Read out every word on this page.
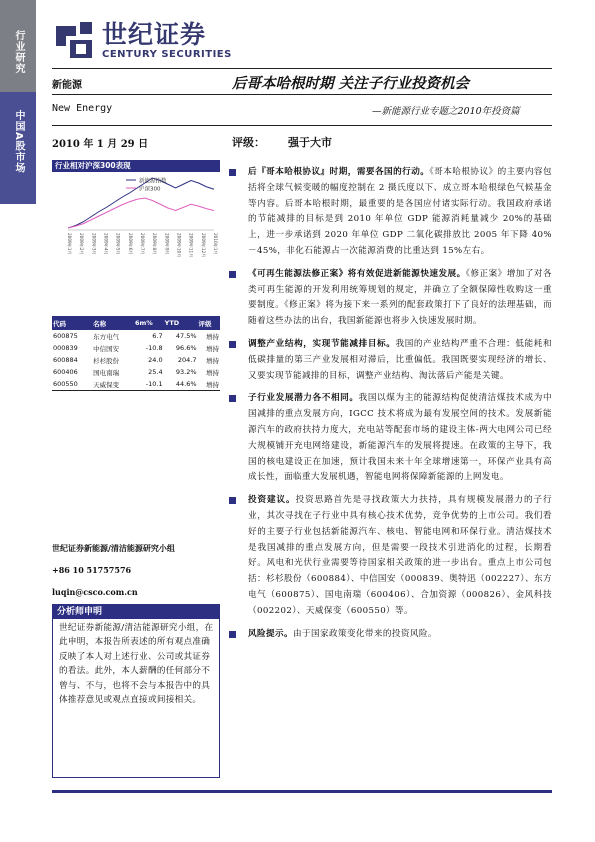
行业研究
中国A股市场
世纪证券
CENTURY SECURITIES
新能源	后哥本哈根时期 关注子行业投资机会
New Energy	—新能源行业专题之2010年投资篇
2010 年 1 月 29 日	评级： 强于大市
行业相对沪深300表现
新能源指数
沪深300
2009年1月 2009年2月 2009年3月 2009年4月 2009年5月 2009年6月 2009年7月 2009年8月 2009年9月 2009年10月 2009年11月 2009年12月 2010年1月
代码	名称	6m%	YTD	评级
600875	东方电气	6.7	47.5%	增持
000839	中信国安	-10.8	96.6%	增持
600884	杉杉股份	24.0	204.7	增持
600406	国电南瑞	25.4	93.2%	增持
600550	天威保变	-10.1	44.6%	增持
世纪证券新能源/清洁能源研究小组
+86 10 51757576
luqin@csco.com.cn
分析师申明
世纪证券新能源/清洁能源研究小组，在此申明，本报告所表述的所有观点准确反映了本人对上述行业、公司或其证券的看法。此外，本人薪酬的任何部分不曾与、不与，也将不会与本报告中的具体推荐意见或观点直接或间接相关。
后『哥本哈根协议』时期，需要各国的行动。《哥本哈根协议》的主要内容包括将全球气候变暖的幅度控制在 2 摄氏度以下、成立哥本哈根绿色气候基金等内容。后哥本哈根时期，最重要的是各国应付诸实际行动。我国政府承诺的节能减排的目标是到 2010 年单位 GDP 能源消耗量减少 20%的基础上，进一步承诺到 2020 年单位 GDP 二氧化碳排放比 2005 年下降 40%－45%，非化石能源占一次能源消费的比重达到 15%左右。
《可再生能源法修正案》将有效促进新能源快速发展。《修正案》增加了对各类可再生能源的开发利用统筹规划的规定，并确立了全额保障性收购这一重要制度。《修正案》将为接下来一系列的配套政策打下了良好的法理基础，而随着这些办法的出台，我国新能源也将步入快速发展时期。
调整产业结构，实现节能减排目标。我国的产业结构严重不合理：低能耗和低碳排量的第三产业发展相对滞后，比重偏低。我国既要实现经济的增长、又要实现节能减排的目标，调整产业结构、淘汰落后产能是关键。
子行业发展潜力各不相同。我国以煤为主的能源结构促使清洁煤技术成为中国减排的重点发展方向，IGCC 技术将成为最有发展空间的技术。发展新能源汽车的政府扶持力度大，充电站等配套市场的建设主体-两大电网公司已经大规模铺开充电网络建设，新能源汽车的发展将提速。在政策的主导下，我国的核电建设正在加速，预计我国未来十年全球增速第一，环保产业具有高成长性，面临重大发展机遇，智能电网将保障新能源的上网发电。
投资建议。投资思路首先是寻找政策大力扶持，具有规模发展潜力的子行业，其次寻找在子行业中具有核心技术优势，竞争优势的上市公司。我们看好的主要子行业包括新能源汽车、核电、智能电网和环保行业。清洁煤技术是我国减排的重点发展方向，但是需要一段技术引进消化的过程，长期看好。风电和光伏行业需要等待国家相关政策的进一步出台。重点上市公司包括：杉杉股份（600884）、中信国安（000839、奥特迅（002227）、东方电气（600875）、国电南瑞（600406）、合加资源（000826）、金风科技（002202）、天威保变（600550）等。
风险提示。由于国家政策变化带来的投资风险。
